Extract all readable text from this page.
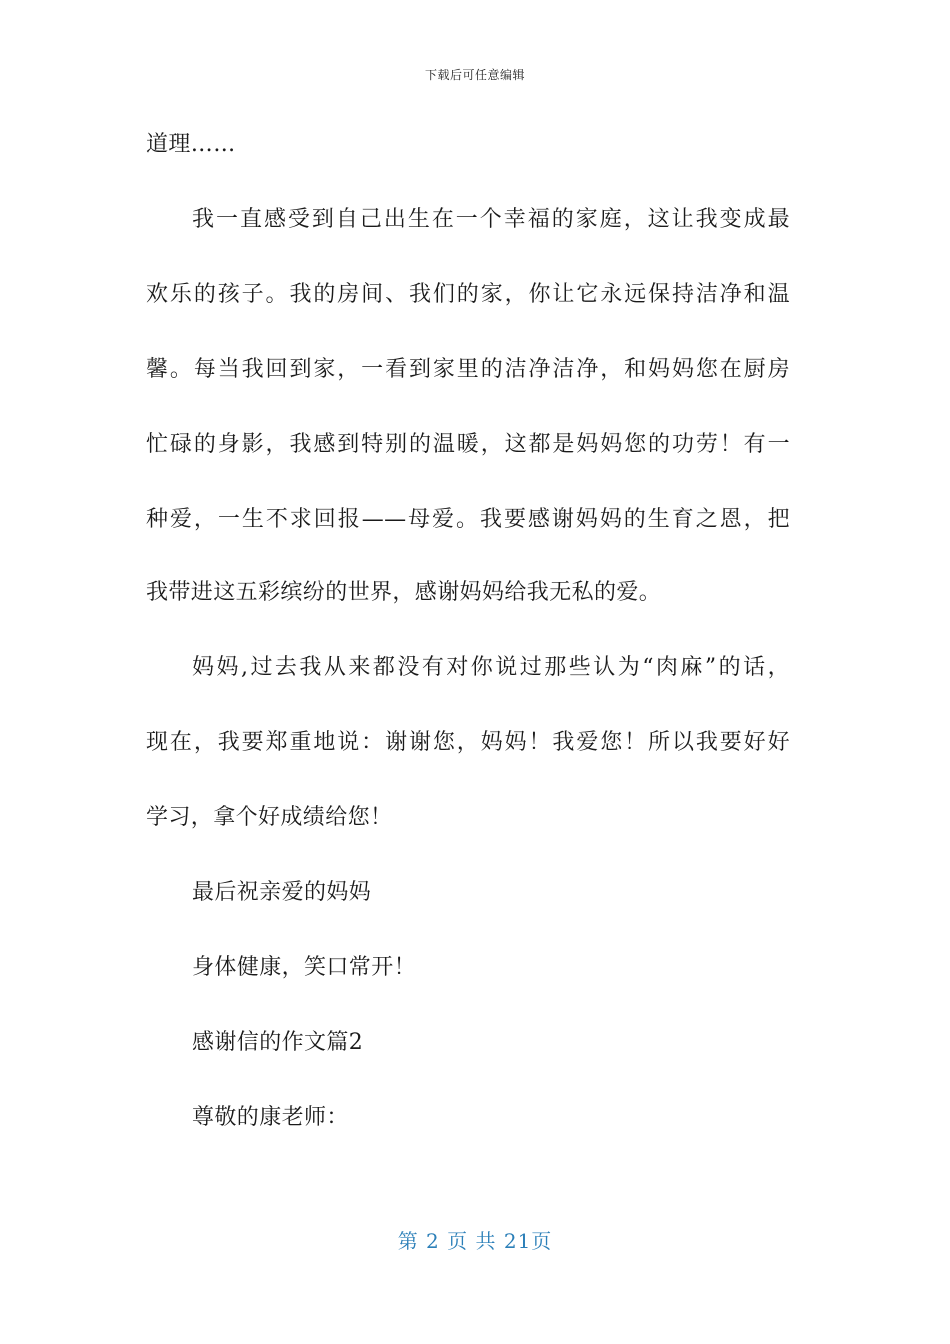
下载后可任意编辑
道理……
我一直感受到自己出生在一个幸福的家庭，这让我变成最
欢乐的孩子。我的房间、我们的家，你让它永远保持洁净和温
馨。每当我回到家，一看到家里的洁净洁净，和妈妈您在厨房
忙碌的身影，我感到特别的温暖，这都是妈妈您的功劳！有一
种爱，一生不求回报——母爱。我要感谢妈妈的生育之恩，把
我带进这五彩缤纷的世界，感谢妈妈给我无私的爱。
妈妈,过去我从来都没有对你说过那些认为“肉麻”的话，
现在，我要郑重地说：谢谢您，妈妈！我爱您！所以我要好好
学习，拿个好成绩给您！
最后祝亲爱的妈妈
身体健康，笑口常开！
感谢信的作文篇2
尊敬的康老师：
第 2 页 共 21页
